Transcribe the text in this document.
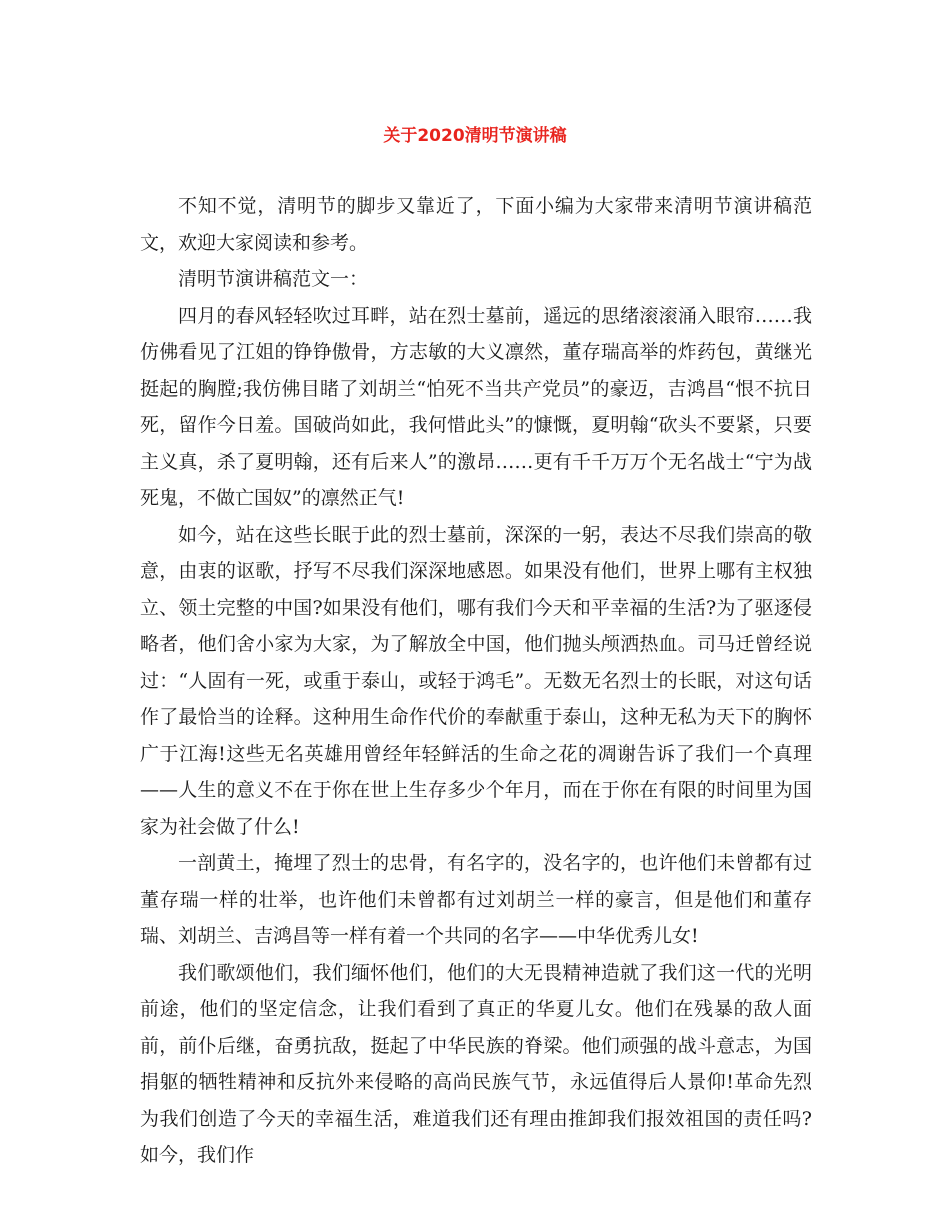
关于2020清明节演讲稿

不知不觉，清明节的脚步又靠近了，下面小编为大家带来清明节演讲稿范文，欢迎大家阅读和参考。

清明节演讲稿范文一：

四月的春风轻轻吹过耳畔，站在烈士墓前，遥远的思绪滚滚涌入眼帘……我仿佛看见了江姐的铮铮傲骨，方志敏的大义凛然，董存瑞高举的炸药包，黄继光挺起的胸膛;我仿佛目睹了刘胡兰“怕死不当共产党员”的豪迈，吉鸿昌“恨不抗日死，留作今日羞。国破尚如此，我何惜此头”的慷慨，夏明翰“砍头不要紧，只要主义真，杀了夏明翰，还有后来人”的激昂……更有千千万万个无名战士“宁为战死鬼，不做亡国奴”的凛然正气!

如今，站在这些长眠于此的烈士墓前，深深的一躬，表达不尽我们崇高的敬意，由衷的讴歌，抒写不尽我们深深地感恩。如果没有他们，世界上哪有主权独立、领土完整的中国?如果没有他们，哪有我们今天和平幸福的生活?为了驱逐侵略者，他们舍小家为大家，为了解放全中国，他们抛头颅洒热血。司马迁曾经说过：“人固有一死，或重于泰山，或轻于鸿毛”。无数无名烈士的长眠，对这句话作了最恰当的诠释。这种用生命作代价的奉献重于泰山，这种无私为天下的胸怀广于江海!这些无名英雄用曾经年轻鲜活的生命之花的凋谢告诉了我们一个真理——人生的意义不在于你在世上生存多少个年月，而在于你在有限的时间里为国家为社会做了什么!

一剖黄土，掩埋了烈士的忠骨，有名字的，没名字的，也许他们未曾都有过董存瑞一样的壮举，也许他们未曾都有过刘胡兰一样的豪言，但是他们和董存瑞、刘胡兰、吉鸿昌等一样有着一个共同的名字——中华优秀儿女!

我们歌颂他们，我们缅怀他们，他们的大无畏精神造就了我们这一代的光明前途，他们的坚定信念，让我们看到了真正的华夏儿女。他们在残暴的敌人面前，前仆后继，奋勇抗敌，挺起了中华民族的脊梁。他们顽强的战斗意志，为国捐躯的牺牲精神和反抗外来侵略的高尚民族气节，永远值得后人景仰!革命先烈为我们创造了今天的幸福生活，难道我们还有理由推卸我们报效祖国的责任吗?如今，我们作
